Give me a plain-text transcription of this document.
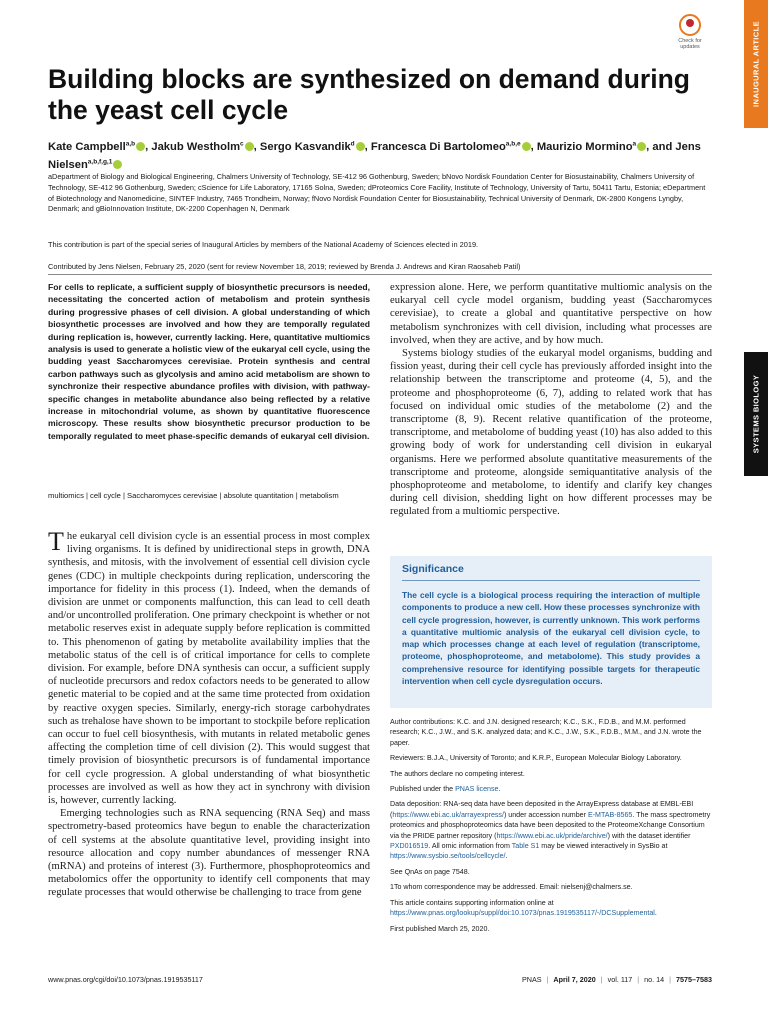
INAUGURAL ARTICLE
SYSTEMS BIOLOGY
Check for updates
Building blocks are synthesized on demand during the yeast cell cycle
Kate Campbell$^{a,b}$ , Jakub Westholm$^c$ , Sergo Kasvandik$^d$ , Francesca Di Bartolomeo$^{a,b,e}$ , Maurizio Mormino$^a$ , and Jens Nielsen$^{a,b,f,g,1}$
aDepartment of Biology and Biological Engineering, Chalmers University of Technology, SE-412 96 Gothenburg, Sweden; bNovo Nordisk Foundation Center for Biosustainability, Chalmers University of Technology, SE-412 96 Gothenburg, Sweden; cScience for Life Laboratory, 17165 Solna, Sweden; dProteomics Core Facility, Institute of Technology, University of Tartu, 50411 Tartu, Estonia; eDepartment of Biotechnology and Nanomedicine, SINTEF Industry, 7465 Trondheim, Norway; fNovo Nordisk Foundation Center for Biosustainability, Technical University of Denmark, DK-2800 Kongens Lyngby, Denmark; and gBioInnovation Institute, DK-2200 Copenhagen N, Denmark
This contribution is part of the special series of Inaugural Articles by members of the National Academy of Sciences elected in 2019.
Contributed by Jens Nielsen, February 25, 2020 (sent for review November 18, 2019; reviewed by Brenda J. Andrews and Kiran Raosaheb Patil)
For cells to replicate, a sufficient supply of biosynthetic precursors is needed, necessitating the concerted action of metabolism and protein synthesis during progressive phases of cell division. A global understanding of which biosynthetic processes are involved and how they are temporally regulated during replication is, however, currently lacking. Here, quantitative multiomics analysis is used to generate a holistic view of the eukaryal cell cycle, using the budding yeast Saccharomyces cerevisiae. Protein synthesis and central carbon pathways such as glycolysis and amino acid metabolism are shown to synchronize their respective abundance profiles with division, with pathway-specific changes in metabolite abundance also being reflected by a relative increase in mitochondrial volume, as shown by quantitative fluorescence microscopy. These results show biosynthetic precursor production to be temporally regulated to meet phase-specific demands of eukaryal cell division.
multiomics | cell cycle | Saccharomyces cerevisiae | absolute quantitation | metabolism

The eukaryal cell division cycle is an essential process in most complex living organisms. It is defined by unidirectional steps in growth, DNA synthesis, and mitosis, with the involvement of essential cell division cycle genes (CDC) in multiple checkpoints during replication, underscoring the importance for fidelity in this process (1). Indeed, when the demands of division are unmet or components malfunction, this can lead to cell death and/or uncontrolled proliferation. One primary checkpoint is whether or not metabolic reserves exist in adequate supply before replication is committed to. This phenomenon of gating by metabolite availability implies that the metabolic status of the cell is of critical importance for cells to complete division. For example, before DNA synthesis can occur, a sufficient supply of nucleotide precursors and redox cofactors needs to be generated to allow genetic material to be copied and at the same time protected from oxidation by reactive oxygen species. Similarly, energy-rich storage carbohydrates such as trehalose have shown to be important to stockpile before replication can occur to fuel cell biosynthesis, with mutants in related metabolic genes affecting the completion time of cell division (2). This would suggest that timely provision of biosynthetic precursors is of fundamental importance for cell cycle progression. A global understanding of what biosynthetic processes are involved as well as how they act in synchrony with division is, however, currently lacking.

Emerging technologies such as RNA sequencing (RNA Seq) and mass spectrometry-based proteomics have begun to enable the characterization of cell systems at the absolute quantitative level, providing insight into resource allocation and copy number abundances of messenger RNA (mRNA) and proteins of interest (3). Furthermore, phosphoproteomics and metabolomics offer the opportunity to identify cell components that may regulate processes that would otherwise be challenging to trace from gene

expression alone. Here, we perform quantitative multiomic analysis on the eukaryal cell cycle model organism, budding yeast (Saccharomyces cerevisiae), to create a global and quantitative perspective on how metabolism synchronizes with cell division, including what processes are involved, when they are active, and by how much.

Systems biology studies of the eukaryal model organisms, budding and fission yeast, during their cell cycle has previously afforded insight into the relationship between the transcriptome and proteome (4, 5), and the proteome and phosphoproteome (6, 7), adding to related work that has focused on individual omic studies of the metabolome (2) and the transcriptome (8, 9). Recent relative quantification of the proteome, transcriptome, and metabolome of budding yeast (10) has also added to this growing body of work for understanding cell division in eukaryal organisms. Here we performed absolute quantitative measurements of the transcriptome and proteome, alongside semiquantitative analysis of the phosphoproteome and metabolome, to identify and clarify key changes during cell division, shedding light on how different processes may be regulated from a multiomic perspective.

Significance
The cell cycle is a biological process requiring the interaction of multiple components to produce a new cell. How these processes synchronize with cell cycle progression, however, is currently unknown. This work performs a quantitative multiomic analysis of the eukaryal cell division cycle, to map which processes change at each level of regulation (transcriptome, proteome, phosphoproteome, and metabolome). This study provides a comprehensive resource for identifying possible targets for therapeutic intervention when cell cycle dysregulation occurs.

Author contributions: K.C. and J.N. designed research; K.C., S.K., F.D.B., and M.M. performed research; K.C., J.W., and S.K. analyzed data; and K.C., J.W., S.K., F.D.B., M.M., and J.N. wrote the paper.

Reviewers: B.J.A., University of Toronto; and K.R.P., European Molecular Biology Laboratory.

The authors declare no competing interest.

Published under the PNAS license.

Data deposition: RNA-seq data have been deposited in the ArrayExpress database at EMBL-EBI (https://www.ebi.ac.uk/arrayexpress/) under accession number E-MTAB-8565. The mass spectrometry proteomics and phosphoproteomics data have been deposited to the ProteomeXchange Consortium via the PRIDE partner repository (https://www.ebi.ac.uk/pride/archive/) with the dataset identifier PXD016519. All omic information from Table S1 may be viewed interactively in SysBio at https://www.sysbio.se/tools/cellcycle/.

See QnAs on page 7548.

1To whom correspondence may be addressed. Email: nielsenj@chalmers.se.

This article contains supporting information online at https://www.pnas.org/lookup/suppl/doi:10.1073/pnas.1919535117/-/DCSupplemental.

First published March 25, 2020.

www.pnas.org/cgi/doi/10.1073/pnas.1919535117	PNAS | April 7, 2020 | vol. 117 | no. 14 | 7575–7583
